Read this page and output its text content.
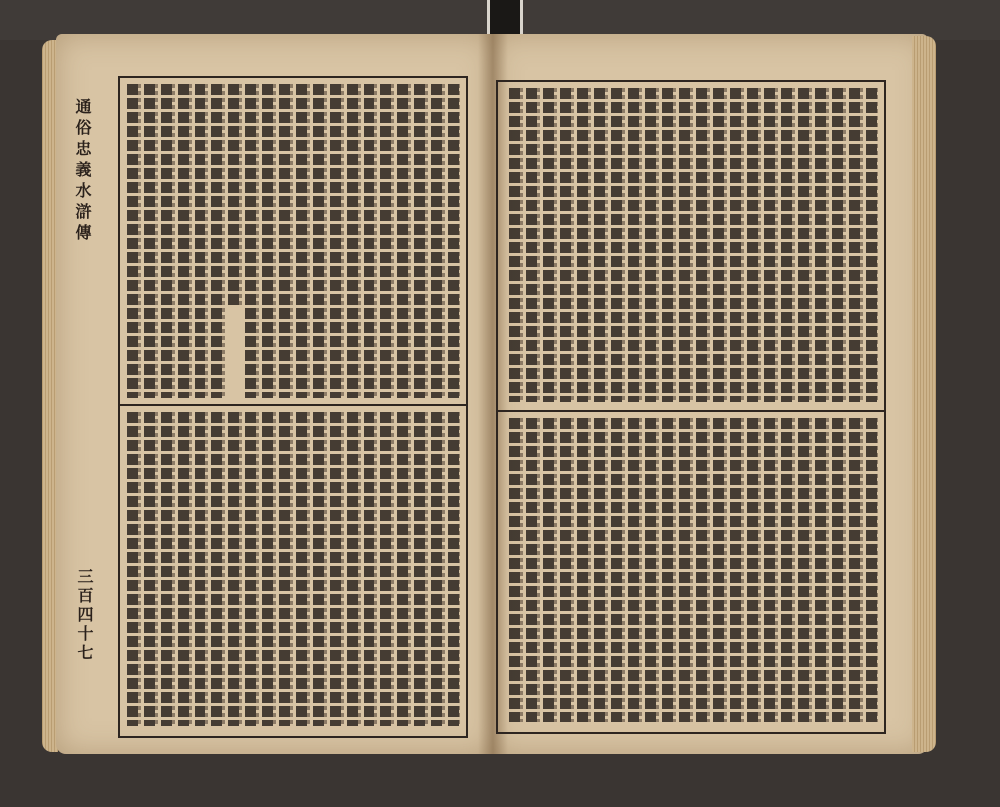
通俗忠義水滸傳
三百四十七
